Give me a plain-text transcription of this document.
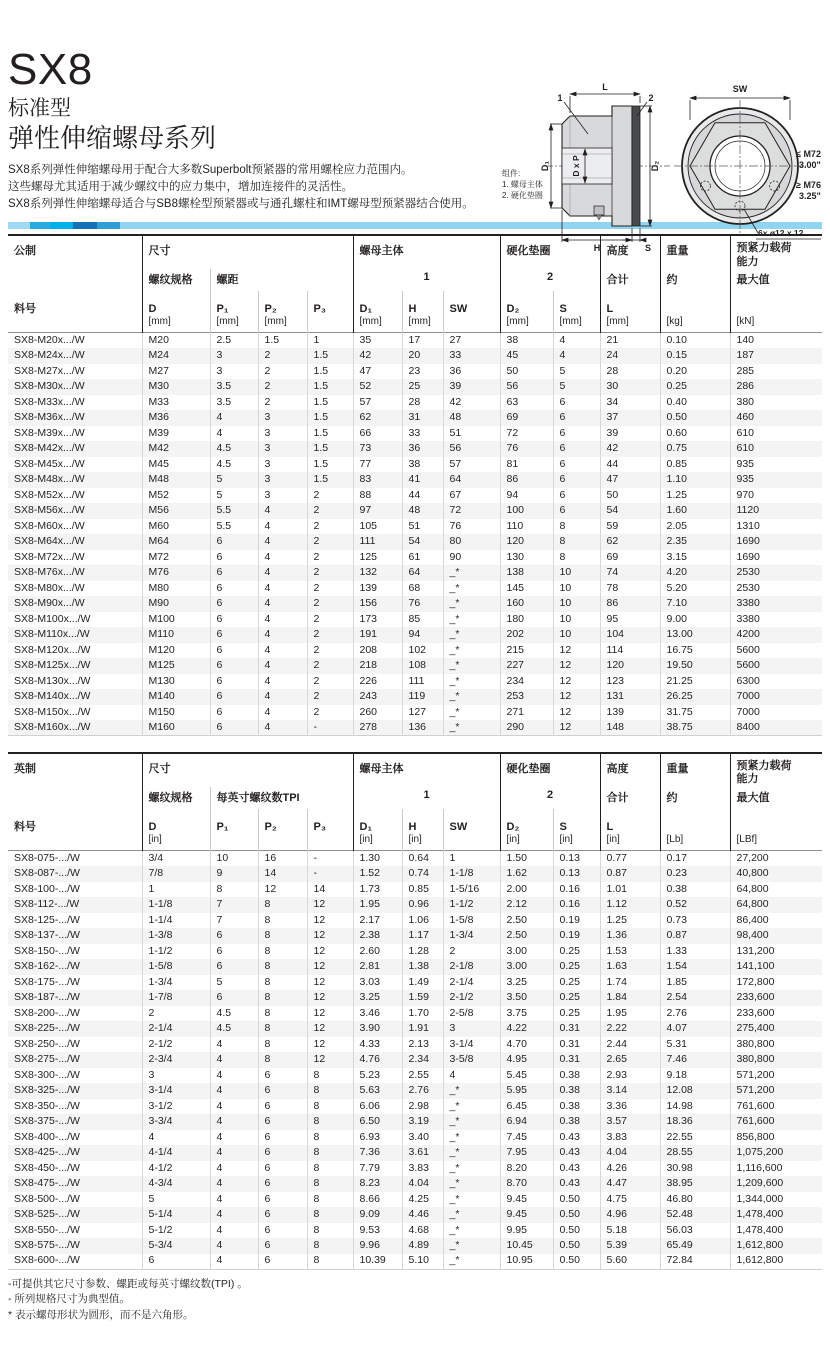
组件:
1. 螺母主体
2. 硬化垫圈
L
1	2
D₁ D x P	D₂
H	S
SW
≤ M72
3.00"
≥ M76
3.25"
6x ø12 x 12
SX8
标准型
弹性伸缩螺母系列
SX8系列弹性伸缩螺母用于配合大多数Superbolt预紧器的常用螺栓应力范围内。
这些螺母尤其适用于减少螺纹中的应力集中，增加连接件的灵活性。
SX8系列弹性伸缩螺母适合与SB8螺栓型预紧器或与通孔螺柱和IMT螺母型预紧器结合使用。
公制	尺寸				螺母主体			硬化垫圈		高度	重量	预紧力载荷能力

	螺纹规格	螺距			1			2		合计	约	最大值

料号	D
[mm]

P₁
[mm]

P₂
[mm]

P₃	D₁
[mm]

H
[mm]

SW	D₂
[mm]

S
[mm]

L
[mm]	[kg]	[kN]

SX8-M20x.../W	M20	2.5	1.5	1	35	17	27	38	4	21	0.10	140
SX8-M24x.../W	M24	3	2	1.5	42	20	33	45	4	24	0.15	187
SX8-M27x.../W	M27	3	2	1.5	47	23	36	50	5	28	0.20	285
SX8-M30x.../W	M30	3.5	2	1.5	52	25	39	56	5	30	0.25	286
SX8-M33x.../W	M33	3.5	2	1.5	57	28	42	63	6	34	0.40	380
SX8-M36x.../W	M36	4	3	1.5	62	31	48	69	6	37	0.50	460
SX8-M39x.../W	M39	4	3	1.5	66	33	51	72	6	39	0.60	610
SX8-M42x.../W	M42	4.5	3	1.5	73	36	56	76	6	42	0.75	610
SX8-M45x.../W	M45	4.5	3	1.5	77	38	57	81	6	44	0.85	935
SX8-M48x.../W	M48	5	3	1.5	83	41	64	86	6	47	1.10	935
SX8-M52x.../W	M52	5	3	2	88	44	67	94	6	50	1.25	970
SX8-M56x.../W	M56	5.5	4	2	97	48	72	100	6	54	1.60	1120
SX8-M60x.../W	M60	5.5	4	2	105	51	76	110	8	59	2.05	1310
SX8-M64x.../W	M64	6	4	2	111	54	80	120	8	62	2.35	1690
SX8-M72x.../W	M72	6	4	2	125	61	90	130	8	69	3.15	1690
SX8-M76x.../W	M76	6	4	2	132	64	_*	138	10	74	4.20	2530
SX8-M80x.../W	M80	6	4	2	139	68	_*	145	10	78	5.20	2530
SX8-M90x.../W	M90	6	4	2	156	76	_*	160	10	86	7.10	3380
SX8-M100x.../W	M100	6	4	2	173	85	_*	180	10	95	9.00	3380
SX8-M110x.../W	M110	6	4	2	191	94	_*	202	10	104	13.00	4200
SX8-M120x.../W	M120	6	4	2	208	102	_*	215	12	114	16.75	5600
SX8-M125x.../W	M125	6	4	2	218	108	_*	227	12	120	19.50	5600
SX8-M130x.../W	M130	6	4	2	226	111	_*	234	12	123	21.25	6300
SX8-M140x.../W	M140	6	4	2	243	119	_*	253	12	131	26.25	7000
SX8-M150x.../W	M150	6	4	2	260	127	_*	271	12	139	31.75	7000
SX8-M160x.../W	M160	6	4	-	278	136	_*	290	12	148	38.75	8400
英制	尺寸				螺母主体			硬化垫圈		高度	重量	预紧力载荷能力

	螺纹规格	每英寸螺纹数TPI			1			2		合计	约	最大值

料号	D
[in]

P₁	P₂	P₃	D₁
[in]

H
[in]

SW	D₂
[in]

S
[in]

L
[in]	[Lb]	[LBf]

SX8-075-.../W	3/4	10	16	-	1.30	0.64	1	1.50	0.13	0.77	0.17	27,200
SX8-087-.../W	7/8	9	14	-	1.52	0.74	1-1/8	1.62	0.13	0.87	0.23	40,800
SX8-100-.../W	1	8	12	14	1.73	0.85	1-5/16	2.00	0.16	1.01	0.38	64,800
SX8-112-.../W	1-1/8	7	8	12	1.95	0.96	1-1/2	2.12	0.16	1.12	0.52	64,800
SX8-125-.../W	1-1/4	7	8	12	2.17	1.06	1-5/8	2.50	0.19	1.25	0.73	86,400
SX8-137-.../W	1-3/8	6	8	12	2.38	1.17	1-3/4	2.50	0.19	1.36	0.87	98,400
SX8-150-.../W	1-1/2	6	8	12	2.60	1.28	2	3.00	0.25	1.53	1.33	131,200
SX8-162-.../W	1-5/8	6	8	12	2.81	1.38	2-1/8	3.00	0.25	1.63	1.54	141,100
SX8-175-.../W	1-3/4	5	8	12	3.03	1.49	2-1/4	3.25	0.25	1.74	1.85	172,800
SX8-187-.../W	1-7/8	6	8	12	3.25	1.59	2-1/2	3.50	0.25	1.84	2.54	233,600
SX8-200-.../W	2	4.5	8	12	3.46	1.70	2-5/8	3.75	0.25	1.95	2.76	233,600
SX8-225-.../W	2-1/4	4.5	8	12	3.90	1.91	3	4.22	0.31	2.22	4.07	275,400
SX8-250-.../W	2-1/2	4	8	12	4.33	2.13	3-1/4	4.70	0.31	2.44	5.31	380,800
SX8-275-.../W	2-3/4	4	8	12	4.76	2.34	3-5/8	4.95	0.31	2.65	7.46	380,800
SX8-300-.../W	3	4	6	8	5.23	2.55	4	5.45	0.38	2.93	9.18	571,200
SX8-325-.../W	3-1/4	4	6	8	5.63	2.76	_*	5.95	0.38	3.14	12.08	571,200
SX8-350-.../W	3-1/2	4	6	8	6.06	2.98	_*	6.45	0.38	3.36	14.98	761,600
SX8-375-.../W	3-3/4	4	6	8	6.50	3.19	_*	6.94	0.38	3.57	18.36	761,600
SX8-400-.../W	4	4	6	8	6.93	3.40	_*	7.45	0.43	3.83	22.55	856,800
SX8-425-.../W	4-1/4	4	6	8	7.36	3.61	_*	7.95	0.43	4.04	28.55	1,075,200
SX8-450-.../W	4-1/2	4	6	8	7.79	3.83	_*	8.20	0.43	4.26	30.98	1,116,600
SX8-475-.../W	4-3/4	4	6	8	8.23	4.04	_*	8.70	0.43	4.47	38.95	1,209,600
SX8-500-.../W	5	4	6	8	8.66	4.25	_*	9.45	0.50	4.75	46.80	1,344,000
SX8-525-.../W	5-1/4	4	6	8	9.09	4.46	_*	9.45	0.50	4.96	52.48	1,478,400
SX8-550-.../W	5-1/2	4	6	8	9.53	4.68	_*	9.95	0.50	5.18	56.03	1,478,400
SX8-575-.../W	5-3/4	4	6	8	9.96	4.89	_*	10.45	0.50	5.39	65.49	1,612,800
SX8-600-.../W	6	4	6	8	10.39	5.10	_*	10.95	0.50	5.60	72.84	1,612,800
-可提供其它尺寸参数、螺距或每英寸螺纹数(TPI) 。
- 所列规格尺寸为典型值。
* 表示螺母形状为圆形，而不是六角形。
